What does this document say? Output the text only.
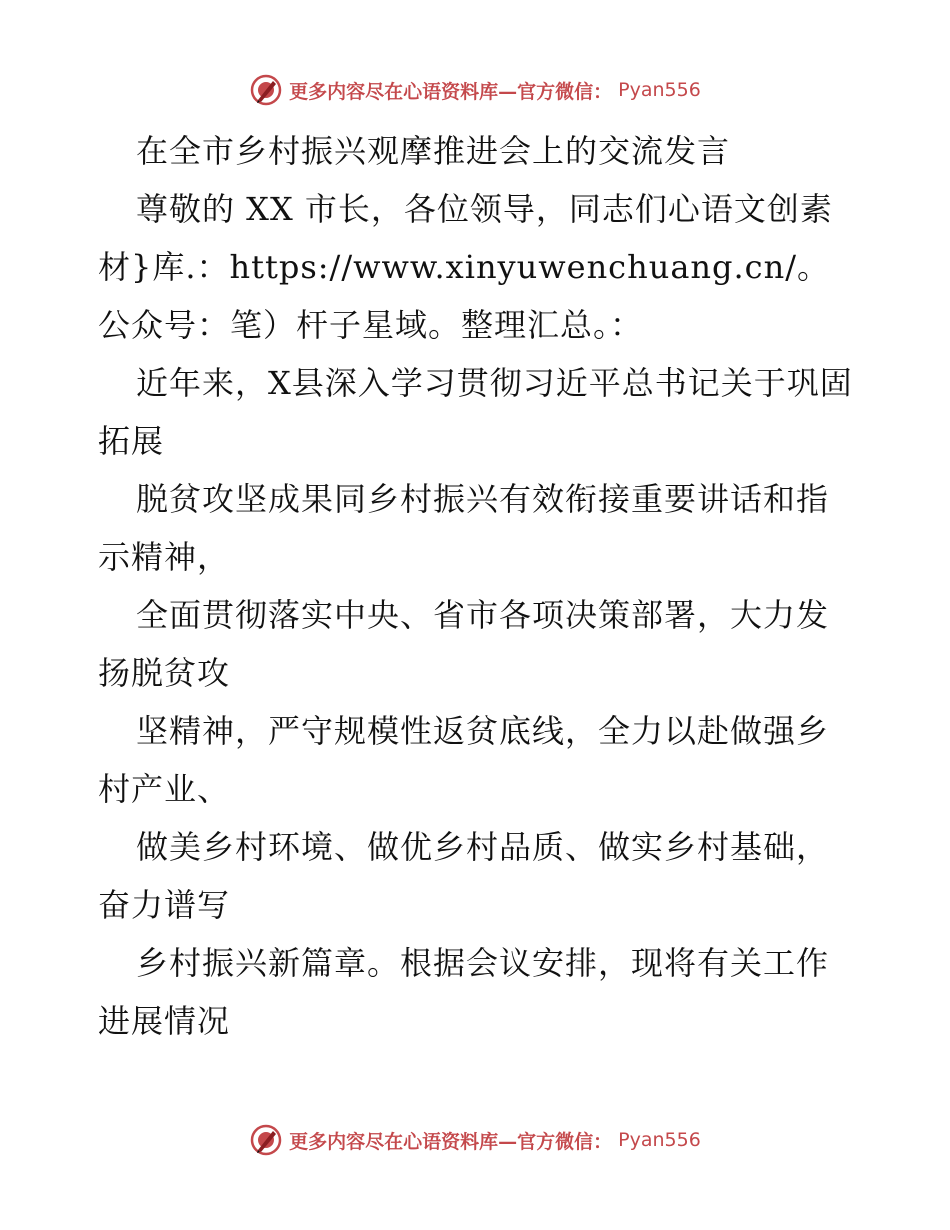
更多内容尽在心语资料库—官方微信： Pyan556

在全市乡村振兴观摩推进会上的交流发言

尊敬的 XX 市长，各位领导，同志们心语文创素材}库.：https://www.xinyuwenchuang.cn/。公众号：笔）杆子星域。整理汇总。：

近年来，X县深入学习贯彻习近平总书记关于巩固拓展

脱贫攻坚成果同乡村振兴有效衔接重要讲话和指示精神，

全面贯彻落实中央、省市各项决策部署，大力发扬脱贫攻

坚精神，严守规模性返贫底线，全力以赴做强乡村产业、

做美乡村环境、做优乡村品质、做实乡村基础，奋力谱写

乡村振兴新篇章。根据会议安排，现将有关工作进展情况

更多内容尽在心语资料库—官方微信： Pyan556
